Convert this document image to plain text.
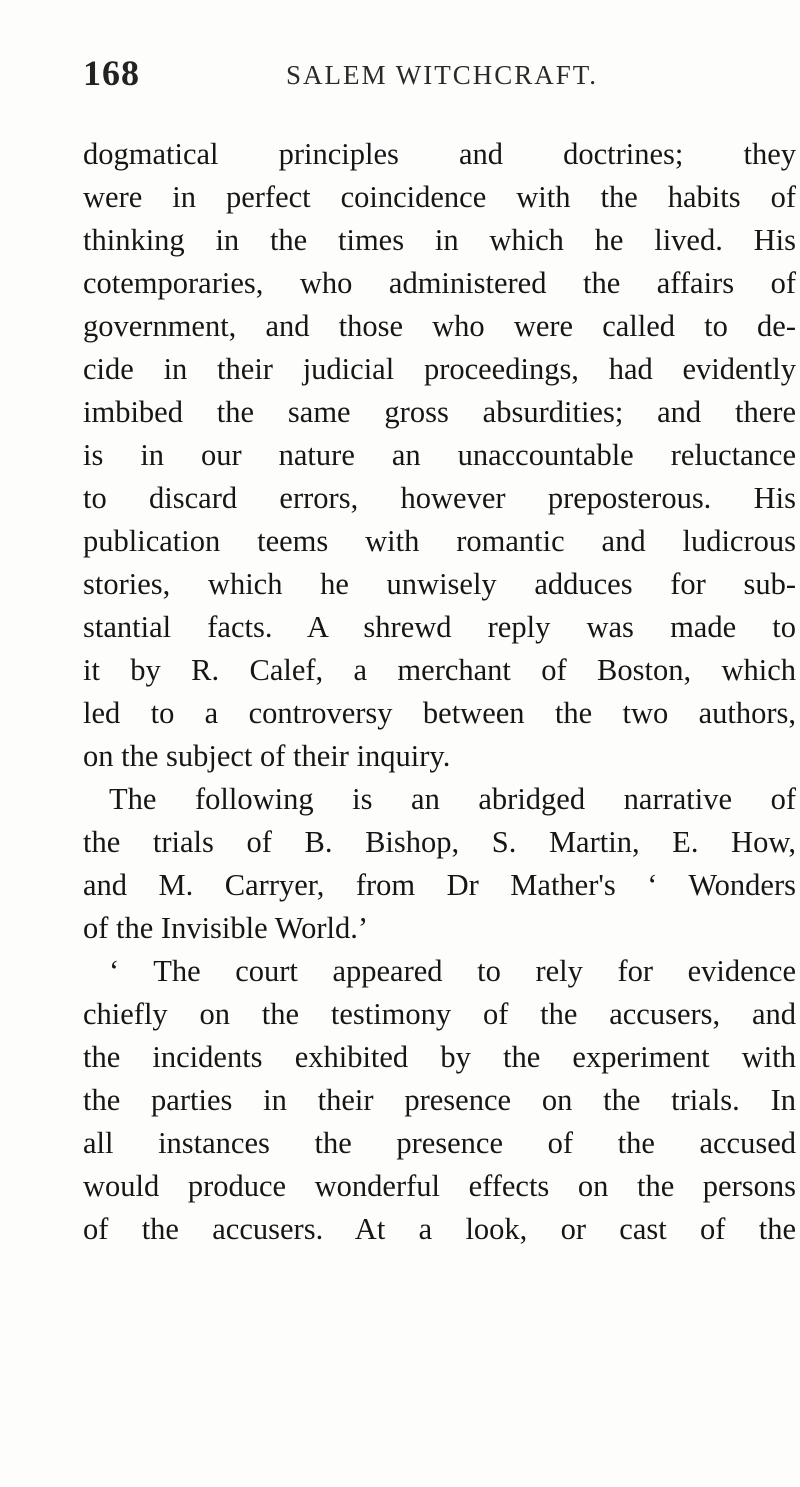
168	SALEM WITCHCRAFT.
dogmatical principles and doctrines; they
were in perfect coincidence with the habits of
thinking in the times in which he lived. His
cotemporaries, who administered the affairs of
government, and those who were called to de-
cide in their judicial proceedings, had evidently
imbibed the same gross absurdities; and there
is in our nature an unaccountable reluctance
to discard errors, however preposterous. His
publication teems with romantic and ludicrous
stories, which he unwisely adduces for sub-
stantial facts. A shrewd reply was made to
it by R. Calef, a merchant of Boston, which
led to a controversy between the two authors,
on the subject of their inquiry.
The following is an abridged narrative of
the trials of B. Bishop, S. Martin, E. How,
and M. Carryer, from Dr Mather's ‘ Wonders
of the Invisible World.’
‘ The court appeared to rely for evidence
chiefly on the testimony of the accusers, and
the incidents exhibited by the experiment with
the parties in their presence on the trials. In
all instances the presence of the accused
would produce wonderful effects on the persons
of the accusers. At a look, or cast of the
